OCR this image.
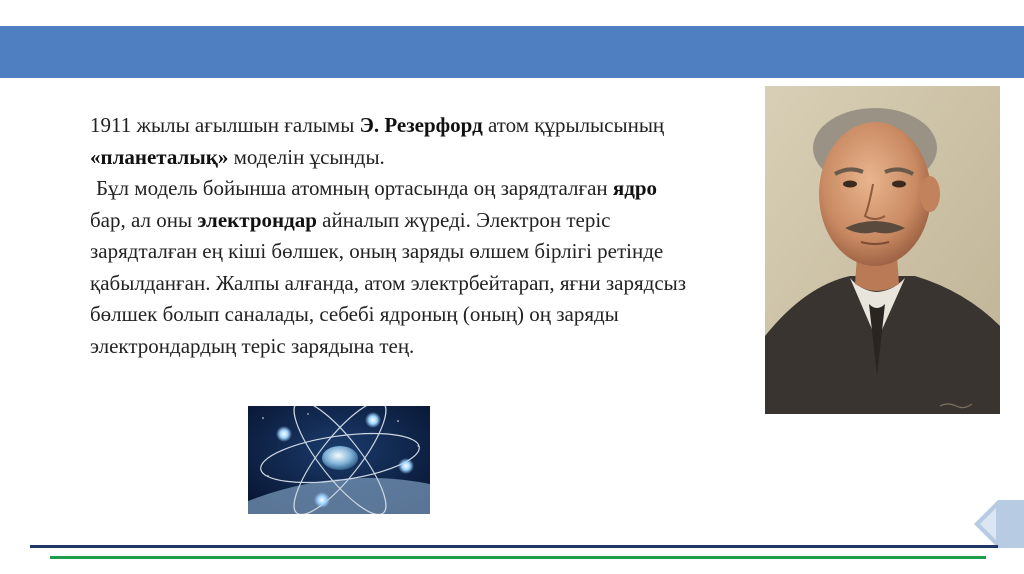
1911 жылы ағылшын ғалымы Э. Резерфорд атом құрылысының «планеталық» моделін ұсынды.

Бұл модель бойынша атомның ортасында оң зарядталған ядро бар, ал оны электрондар айналып жүреді. Электрон теріс зарядталған ең кіші бөлшек, оның заряды өлшем бірлігі ретінде қабылданған. Жалпы алғанда, атом электрбейтарап, яғни зарядсыз бөлшек болып саналады, себебі ядроның (оның) оң заряды электрондардың теріс зарядына тең.
